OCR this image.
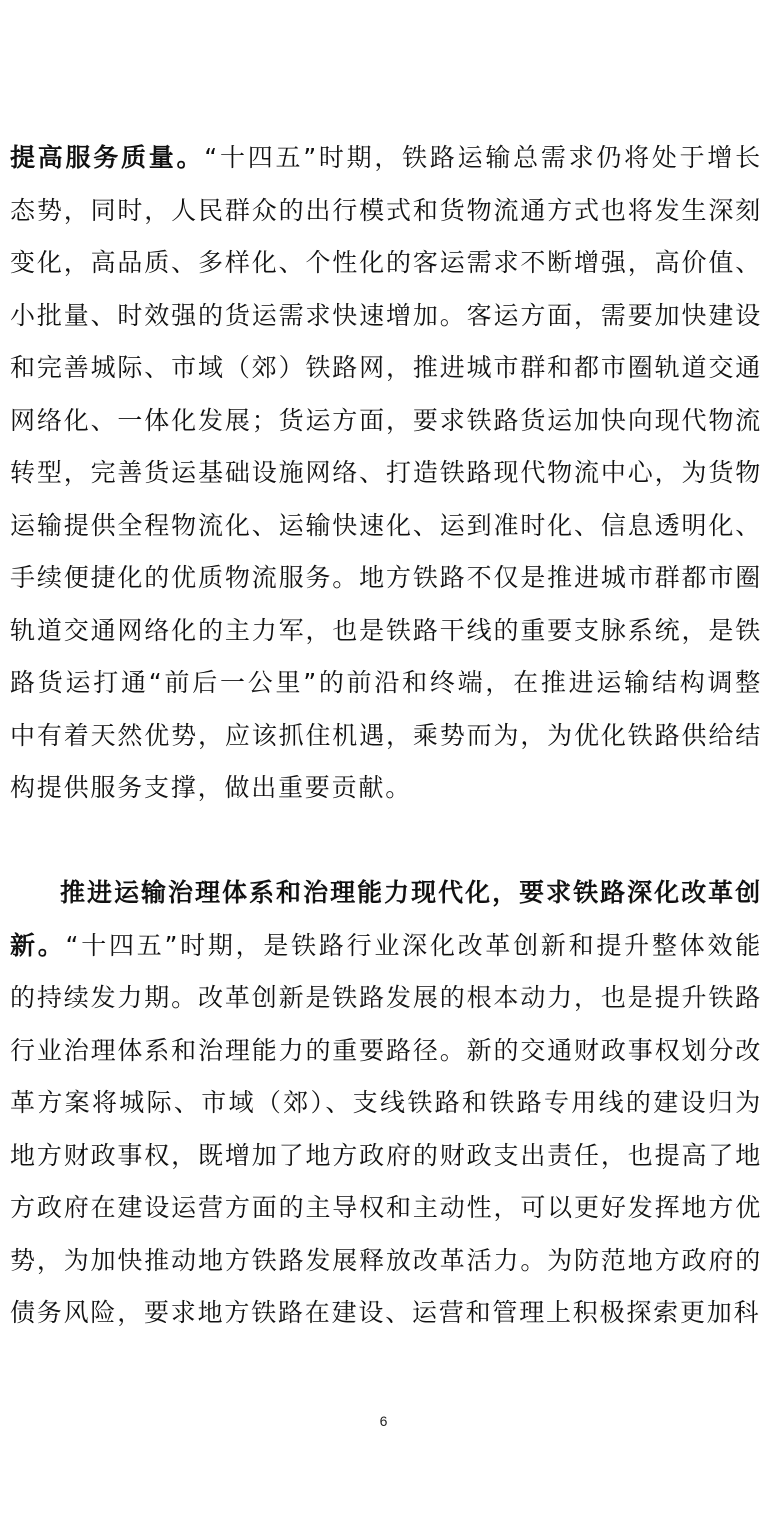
提高服务质量。“十四五”时期，铁路运输总需求仍将处于增长态势，同时，人民群众的出行模式和货物流通方式也将发生深刻变化，高品质、多样化、个性化的客运需求不断增强，高价值、小批量、时效强的货运需求快速增加。客运方面，需要加快建设和完善城际、市域（郊）铁路网，推进城市群和都市圈轨道交通网络化、一体化发展；货运方面，要求铁路货运加快向现代物流转型，完善货运基础设施网络、打造铁路现代物流中心，为货物运输提供全程物流化、运输快速化、运到准时化、信息透明化、手续便捷化的优质物流服务。地方铁路不仅是推进城市群都市圈轨道交通网络化的主力军，也是铁路干线的重要支脉系统，是铁路货运打通“前后一公里”的前沿和终端，在推进运输结构调整中有着天然优势，应该抓住机遇，乘势而为，为优化铁路供给结构提供服务支撑，做出重要贡献。

推进运输治理体系和治理能力现代化，要求铁路深化改革创新。“十四五”时期，是铁路行业深化改革创新和提升整体效能的持续发力期。改革创新是铁路发展的根本动力，也是提升铁路行业治理体系和治理能力的重要路径。新的交通财政事权划分改革方案将城际、市域（郊）、支线铁路和铁路专用线的建设归为地方财政事权，既增加了地方政府的财政支出责任，也提高了地方政府在建设运营方面的主导权和主动性，可以更好发挥地方优势，为加快推动地方铁路发展释放改革活力。为防范地方政府的债务风险，要求地方铁路在建设、运营和管理上积极探索更加科

6
